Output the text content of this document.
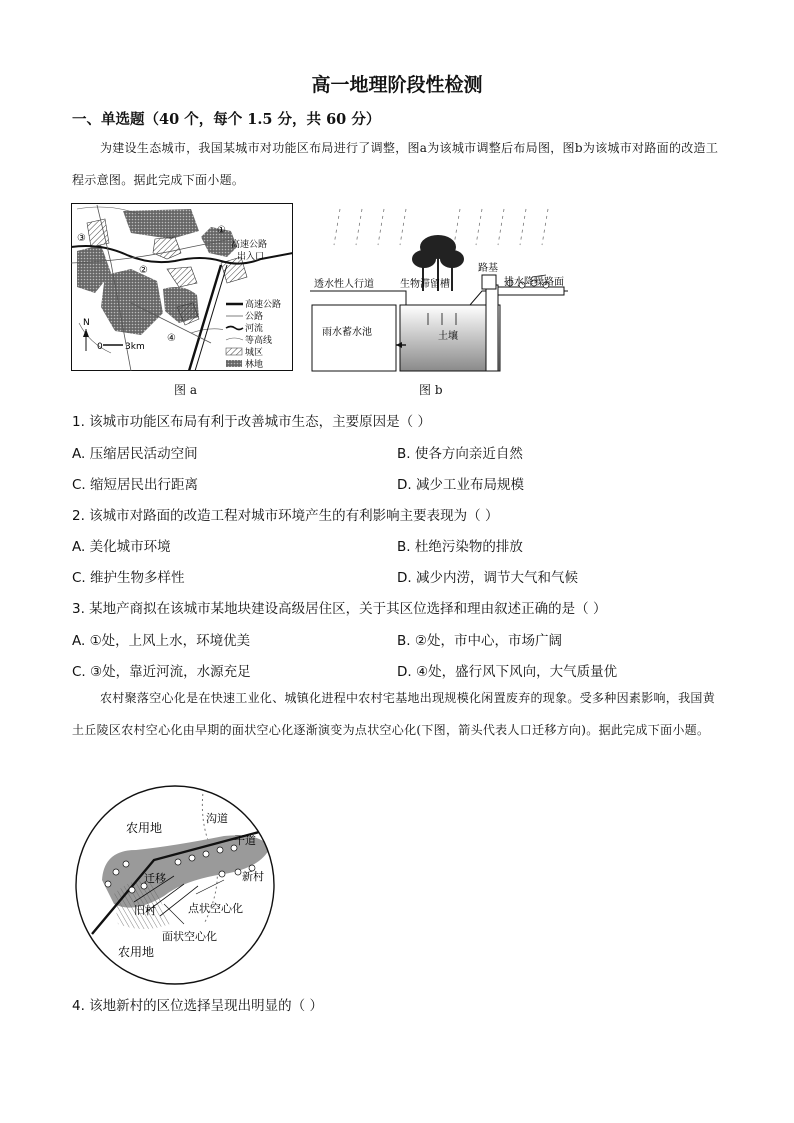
高一地理阶段性检测
一、单选题（40 个，每个 1.5 分，共 60 分）
为建设生态城市，我国某城市对功能区布局进行了调整，图a为该城市调整后布局图，图b为该城市对路面的改造工程示意图。据此完成下面小题。
①
②
③
④
高速公路
出入口
N
0 3km
高速公路
公路
河流
等高线
城区
林地
图 a
透水性人行道	生物滞留槽
路基
排水降噪路面
雨水蓄水池	土壤
图 b
1. 该城市功能区布局有利于改善城市生态，主要原因是（ ）
A. 压缩居民活动空间	B. 使各方向亲近自然
C. 缩短居民出行距离	D. 减少工业布局规模
2. 该城市对路面的改造工程对城市环境产生的有利影响主要表现为（ ）
A. 美化城市环境	B. 杜绝污染物的排放
C. 维护生物多样性	D. 减少内涝，调节大气和气候
3. 某地产商拟在该城市某地块建设高级居住区，关于其区位选择和理由叙述正确的是（ ）
A. ①处，上风上水，环境优美	B. ②处，市中心，市场广阔
C. ③处，靠近河流，水源充足	D. ④处，盛行风下风向，大气质量优
农村聚落空心化是在快速工业化、城镇化进程中农村宅基地出现规模化闲置废弃的现象。受多种因素影响，我国黄土丘陵区农村空心化由早期的面状空心化逐渐演变为点状空心化(下图，箭头代表人口迁移方向)。据此完成下面小题。
农用地
沟道
干道
迁移	新村
旧村	点状空心化
面状空心化
农用地
4. 该地新村的区位选择呈现出明显的（ ）
